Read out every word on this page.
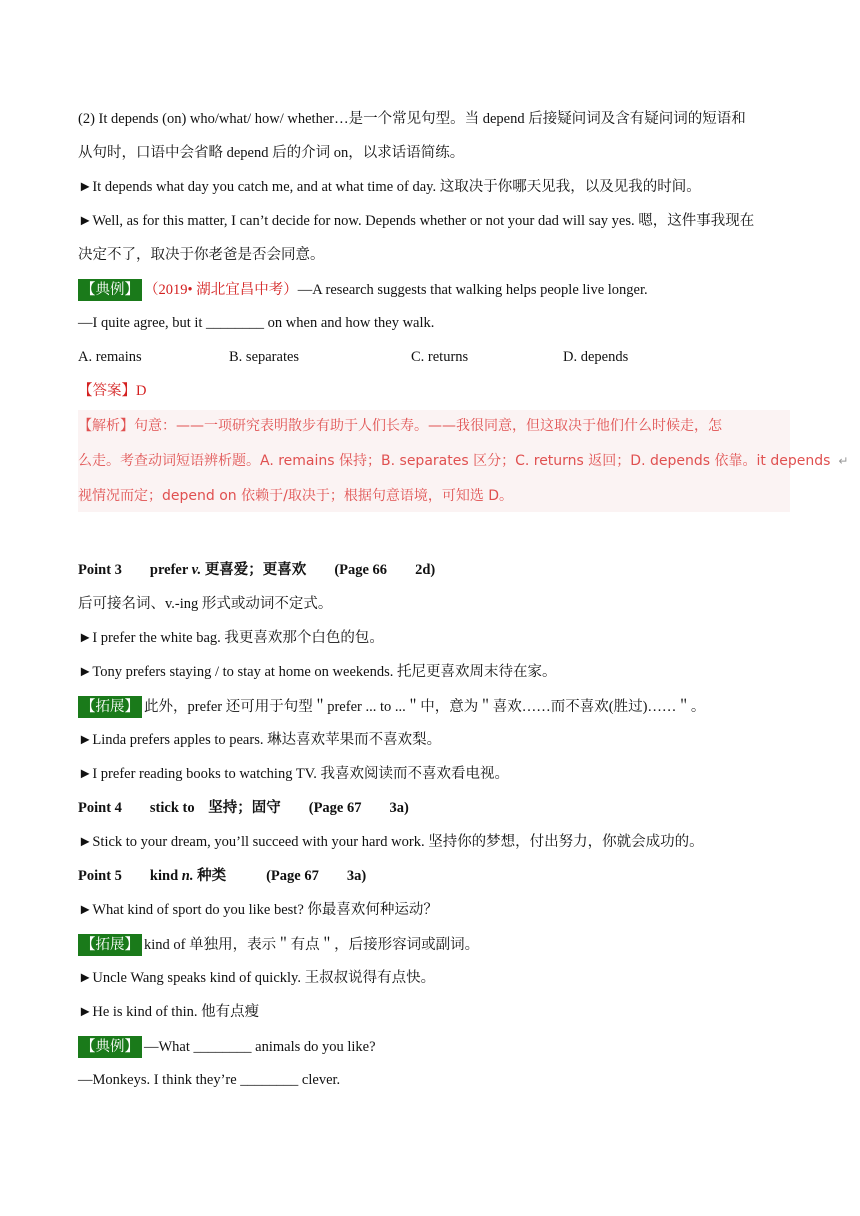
(2) It depends (on) who/what/ how/ whether…是一个常见句型。当 depend 后接疑问词及含有疑问词的短语和
从句时，口语中会省略 depend 后的介词 on，以求话语简练。
►It depends what day you catch me, and at what time of day. 这取决于你哪天见我，以及见我的时间。
►Well, as for this matter, I can’t decide for now. Depends whether or not your dad will say yes. 嗯，这件事我现在
决定不了，取决于你老爸是否会同意。
【典例】 （2019• 湖北宜昌中考）—A research suggests that walking helps people live longer.
—I quite agree, but it ________ on when and how they walk.
A. remains	B. separates	C. returns	D. depends
【答案】D
【解析】句意：——一项研究表明散步有助于人们长寿。——我很同意，但这取决于他们什么时候走，怎
么走。考查动词短语辨析题。A. remains 保持；B. separates 区分；C. returns 返回；D. depends 依靠。it depends ↵
视情况而定；depend on 依赖于/取决于；根据句意语境，可知选 D。
Point 3 prefer v. 更喜爱；更喜欢 (Page 66 2d)
后可接名词、v.-ing 形式或动词不定式。
►I prefer the white bag. 我更喜欢那个白色的包。
►Tony prefers staying / to stay at home on weekends. 托尼更喜欢周末待在家。
【拓展】 此外，prefer 还可用于句型＂prefer ... to ...＂中，意为＂喜欢……而不喜欢(胜过)……＂。
►Linda prefers apples to pears. 琳达喜欢苹果而不喜欢梨。
►I prefer reading books to watching TV. 我喜欢阅读而不喜欢看电视。
Point 4 stick to 坚持；固守 (Page 67 3a)
►Stick to your dream, you’ll succeed with your hard work. 坚持你的梦想，付出努力，你就会成功的。
Point 5 kind n. 种类	(Page 67 3a)
►What kind of sport do you like best? 你最喜欢何种运动？
【拓展】 kind of 单独用，表示＂有点＂，后接形容词或副词。
►Uncle Wang speaks kind of quickly. 王叔叔说得有点快。
►He is kind of thin. 他有点瘦
【典例】 —What ________ animals do you like?
—Monkeys. I think they’re ________ clever.
